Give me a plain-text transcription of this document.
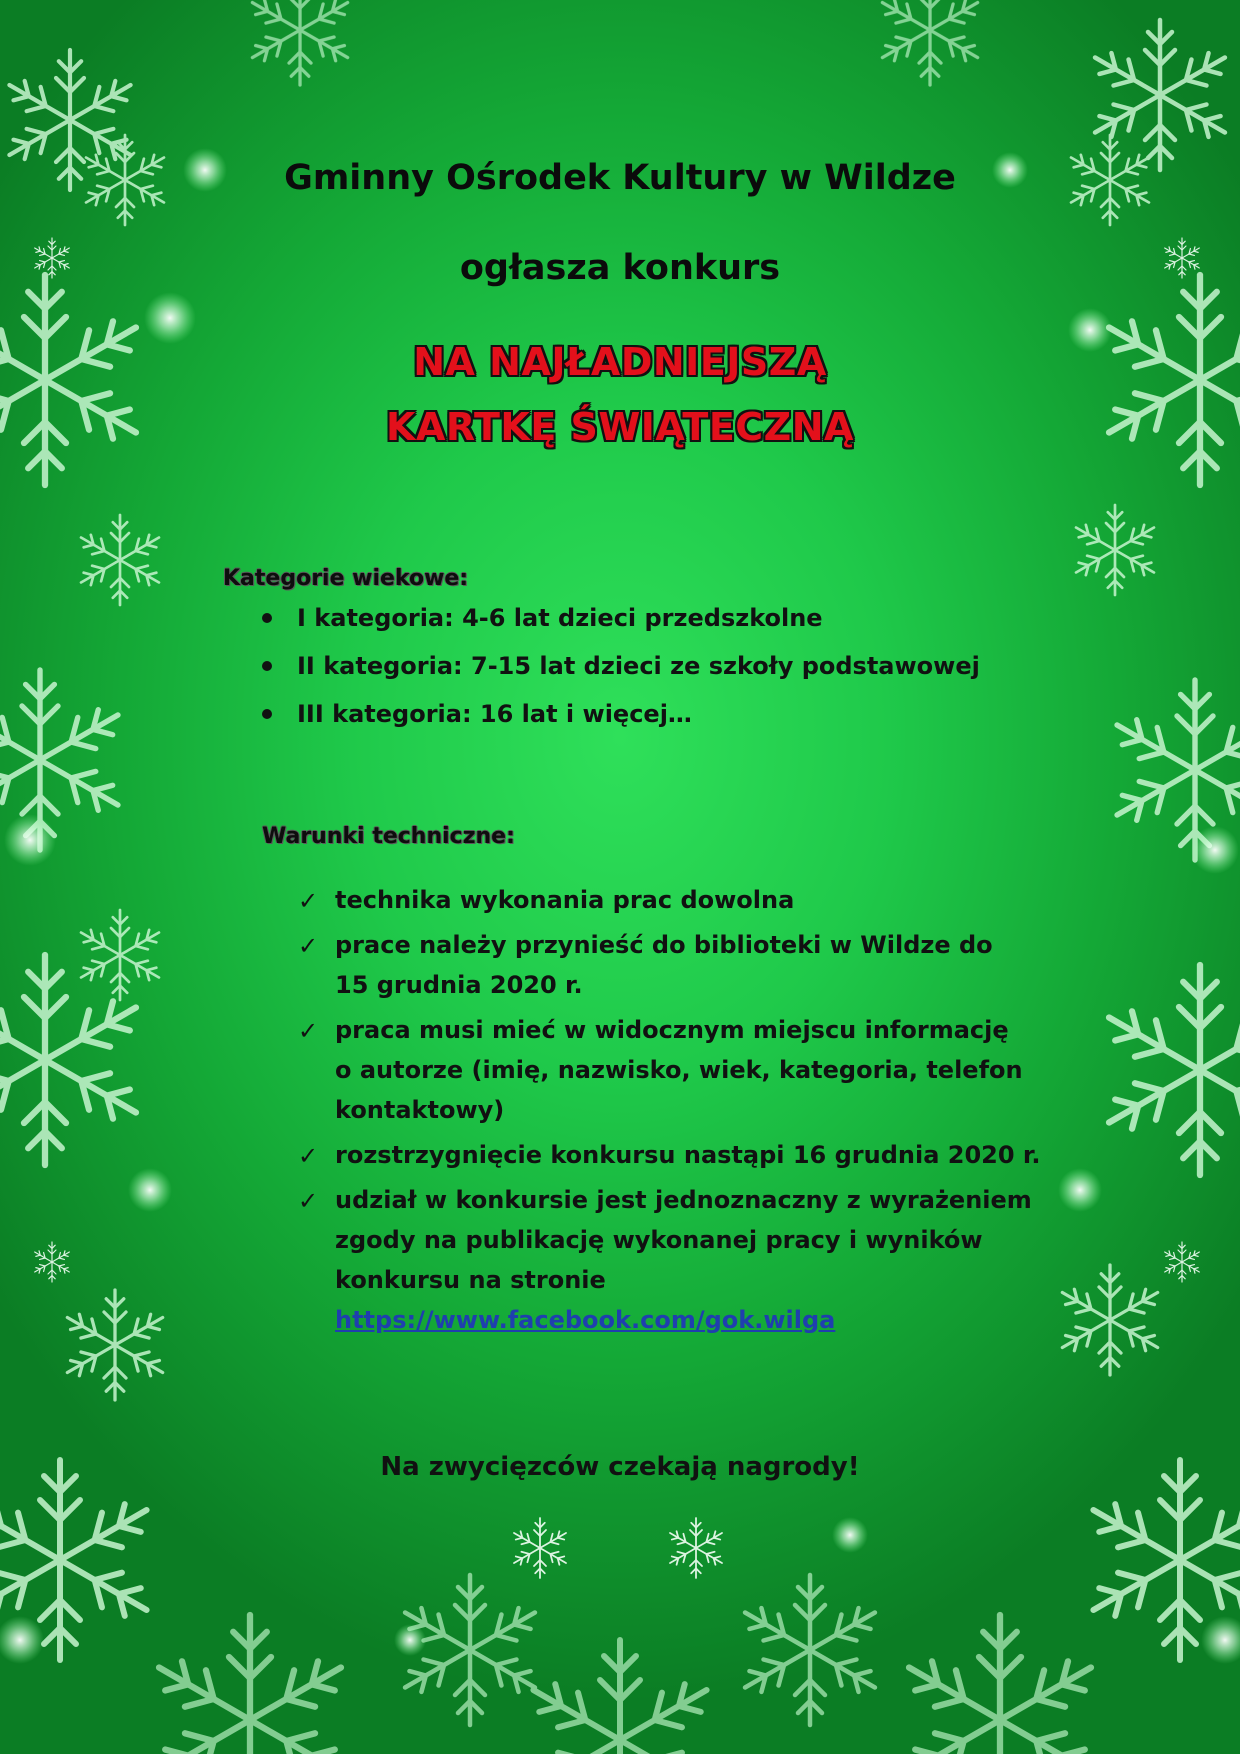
Gminny Ośrodek Kultury w Wildze
ogłasza konkurs
NA NAJŁADNIEJSZĄ
KARTKĘ ŚWIĄTECZNĄ
Kategorie wiekowe:
I kategoria: 4-6 lat dzieci przedszkolne
II kategoria: 7-15 lat dzieci ze szkoły podstawowej
III kategoria: 16 lat i więcej…
Warunki techniczne:
✓ technika wykonania prac dowolna
✓ prace należy przynieść do biblioteki w Wildze do
15 grudnia 2020 r.
✓ praca musi mieć w widocznym miejscu informację
o autorze (imię, nazwisko, wiek, kategoria, telefon
kontaktowy)
✓ rozstrzygnięcie konkursu nastąpi 16 grudnia 2020 r.
✓ udział w konkursie jest jednoznaczny z wyrażeniem
zgody na publikację wykonanej pracy i wyników
konkursu na stronie
https://www.facebook.com/gok.wilga
Na zwycięzców czekają nagrody!
